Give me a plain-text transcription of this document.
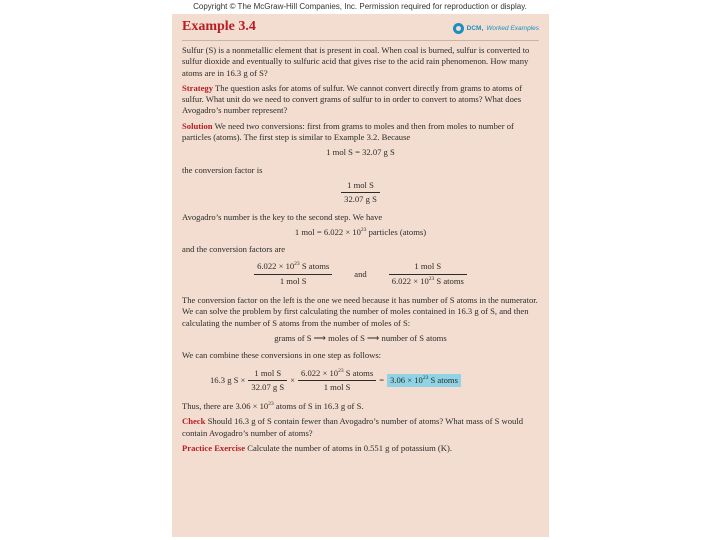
Copyright © The McGraw-Hill Companies, Inc. Permission required for reproduction or display.
Example 3.4	DCM, Worked Examples

Sulfur (S) is a nonmetallic element that is present in coal. When coal is burned, sulfur is converted to sulfur dioxide and eventually to sulfuric acid that gives rise to the acid rain phenomenon. How many atoms are in 16.3 g of S?

Strategy The question asks for atoms of sulfur. We cannot convert directly from grams to atoms of sulfur. What unit do we need to convert grams of sulfur to in order to convert to atoms? What does Avogadro’s number represent?

Solution We need two conversions: first from grams to moles and then from moles to number of particles (atoms). The first step is similar to Example 3.2. Because

1 mol S = 32.07 g S

the conversion factor is

$\frac{\text{1 mol S}}{\text{32.07 g S}}$

Avogadro’s number is the key to the second step. We have

1 mol = $6.022 \times 10^{23}$ particles (atoms)

and the conversion factors are

$\frac{6.022 \times 10^{23} S atoms}{\text{1 mol S}}$	and	$\frac{\text{1 mol S}}{6.022 \times 10^{23} S atoms}$

The conversion factor on the left is the one we need because it has number of S atoms in the numerator. We can solve the problem by first calculating the number of moles contained in 16.3 g of S, and then calculating the number of S atoms from the number of moles of S:

grams of S ⟶ moles of S ⟶ number of S atoms

We can combine these conversions in one step as follows:

16.3 g $S \times \frac{\text{1 mol S}}{\text{32.07 g S}} \times \frac{6.022 \times 10^{23} S atoms}{\text{1 mol S}} = 3.06 \times 10^{23}$ S atoms

Thus, there are $3.06 \times 10^{23}$ atoms of S in 16.3 g of S.

Check Should 16.3 g of S contain fewer than Avogadro’s number of atoms? What mass of S would contain Avogadro’s number of atoms?

Practice Exercise Calculate the number of atoms in 0.551 g of potassium (K).
